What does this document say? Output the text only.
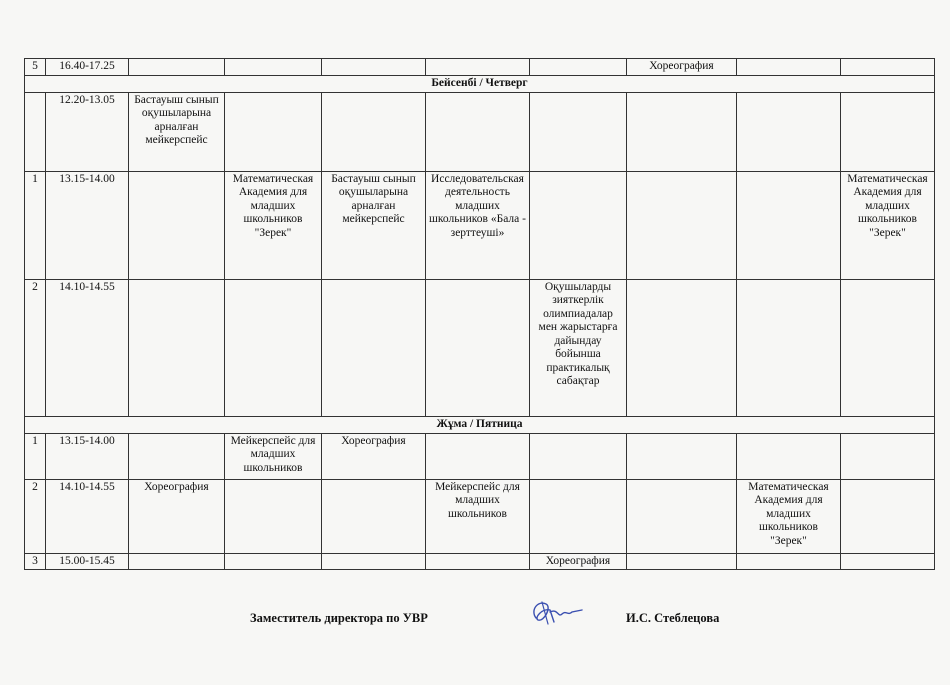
5	16.40-17.25						Хореография		
Бейсенбі / Четверг									
	12.20-13.05	Бастауыш сынып оқушыларына арналған мейкерспейс							
1	13.15-14.00		Математическая Академия для младших школьников "Зерек"	Бастауыш сынып оқушыларына арналған мейкерспейс	Исследовательская деятельность младших школьников «Бала - зерттеуші»				Математическая Академия для младших школьников "Зерек"
2	14.10-14.55					Оқушыларды зияткерлік олимпиадалар мен жарыстарға дайындау бойынша практикалық сабақтар			
Жұма / Пятница									
1	13.15-14.00		Мейкерспейс для младших школьников	Хореография					
2	14.10-14.55	Хореография			Мейкерспейс для младших школьников			Математическая Академия для младших школьников "Зерек"	
3	15.00-15.45					Хореография			
Заместитель директора по УВР	И.С. Стеблецова
